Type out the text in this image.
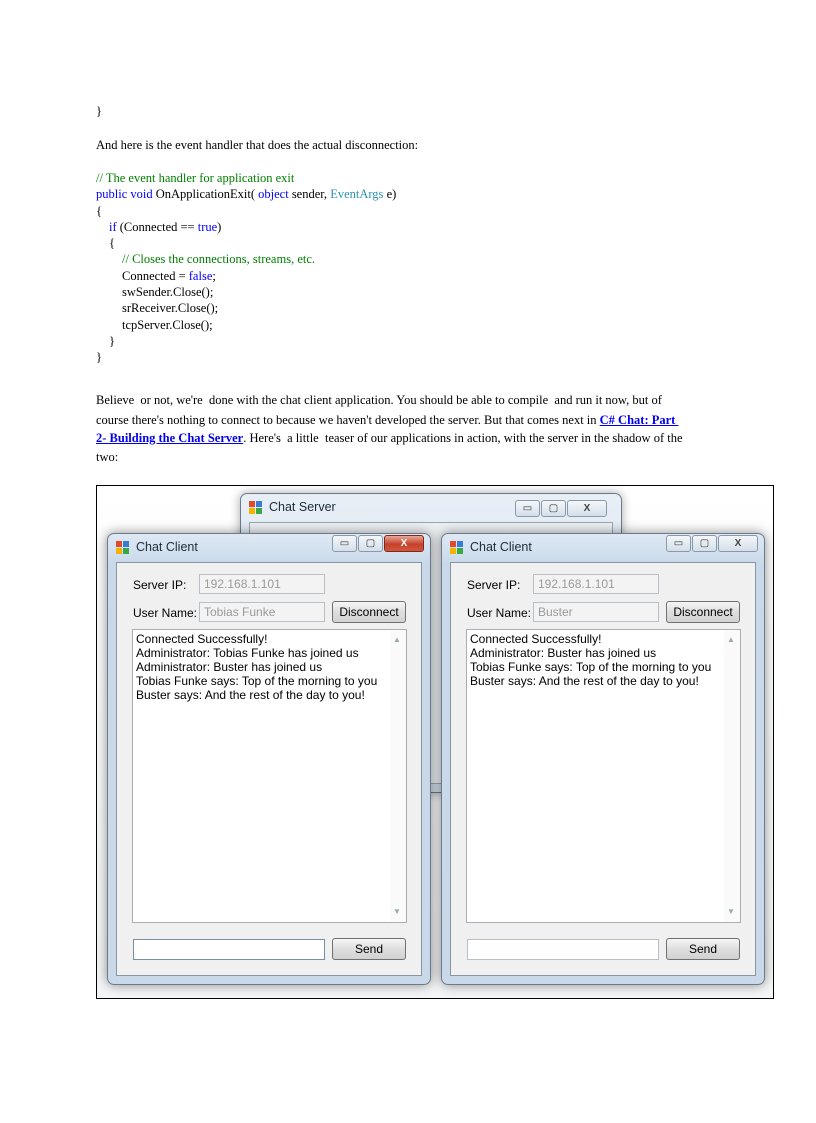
}
And here is the event handler that does the actual disconnection:
// The event handler for application exit
public void OnApplicationExit( object sender, EventArgs e)
{
if (Connected == true)
{
// Closes the connections, streams, etc.
Connected = false;
swSender.Close();
srReceiver.Close();
tcpServer.Close();
}
}
Believe  or not, we're  done with the chat client application. You should be able to compile  and run it now, but of
course there's nothing to connect to because we haven't developed the server. But that comes next in C# Chat: Part
2- Building the Chat Server. Here's  a little  teaser of our applications in action, with the server in the shadow of the
two:
Chat Server	▭	▢	X
Chat Client	▭	▢	X
Server IP:	192.168.1.101
User Name: Tobias Funke	Disconnect
Connected Successfully!
Administrator: Tobias Funke has joined us
Administrator: Buster has joined us
Tobias Funke says: Top of the morning to you
Buster says: And the rest of the day to you!
▲
▼
Send
Chat Client	▭	▢	X
Server IP:	192.168.1.101
User Name: Buster	Disconnect
Connected Successfully!
Administrator: Buster has joined us
Tobias Funke says: Top of the morning to you
Buster says: And the rest of the day to you!
▲
▼
Send
